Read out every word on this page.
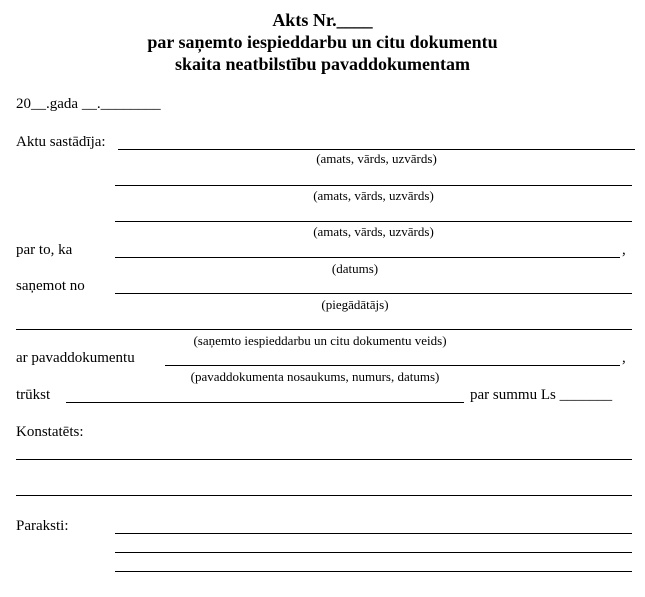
Akts Nr.____
par saņemto iespieddarbu un citu dokumentu
skaita neatbilstību pavaddokumentam
20__.gada __.________
Aktu sastādīja:
(amats, vārds, uzvārds)
(amats, vārds, uzvārds)
(amats, vārds, uzvārds)
par to, ka	,
(datums)
saņemot no
(piegādātājs)
(saņemto iespieddarbu un citu dokumentu veids)
ar pavaddokumentu	,
(pavaddokumenta nosaukums, numurs, datums)
trūkst	par summu Ls _______
Konstatēts:
Paraksti:
